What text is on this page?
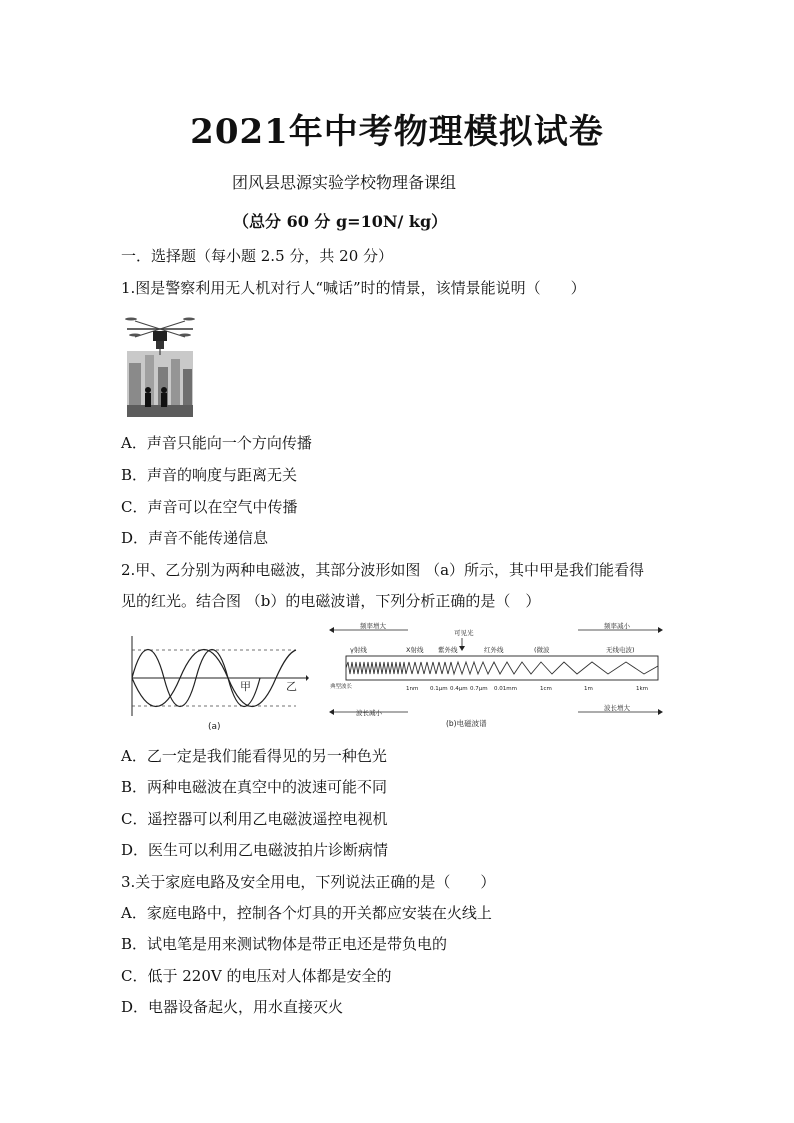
2021年中考物理模拟试卷
团风县思源实验学校物理备课组
（总分 60 分 g=10N/ kg）
一．选择题（每小题 2.5 分，共 20 分）
1.图是警察利用无人机对行人“喊话”时的情景，该情景能说明（　　）
A．声音只能向一个方向传播
B．声音的响度与距离无关
C．声音可以在空气中传播
D．声音不能传递信息
2.甲、乙分别为两种电磁波，其部分波形如图 （a）所示，其中甲是我们能看得
见的红光。结合图 （b）的电磁波谱，下列分析正确的是（　）
甲	乙
(a)
频率增大	频率减小
可见光
γ射线	X射线 紫外线	红外线	(微波	无线电波)
典型波长	1nm 0.1μm 0.4μm 0.7μm 0.01mm	1cm	1m	1km
波长减小
波长增大
(b)电磁波谱
A．乙一定是我们能看得见的另一种色光
B．两种电磁波在真空中的波速可能不同
C．遥控器可以利用乙电磁波遥控电视机
D．医生可以利用乙电磁波拍片诊断病情
3.关于家庭电路及安全用电，下列说法正确的是（　　）
A．家庭电路中，控制各个灯具的开关都应安装在火线上
B．试电笔是用来测试物体是带正电还是带负电的
C．低于 220V 的电压对人体都是安全的
D．电器设备起火，用水直接灭火
